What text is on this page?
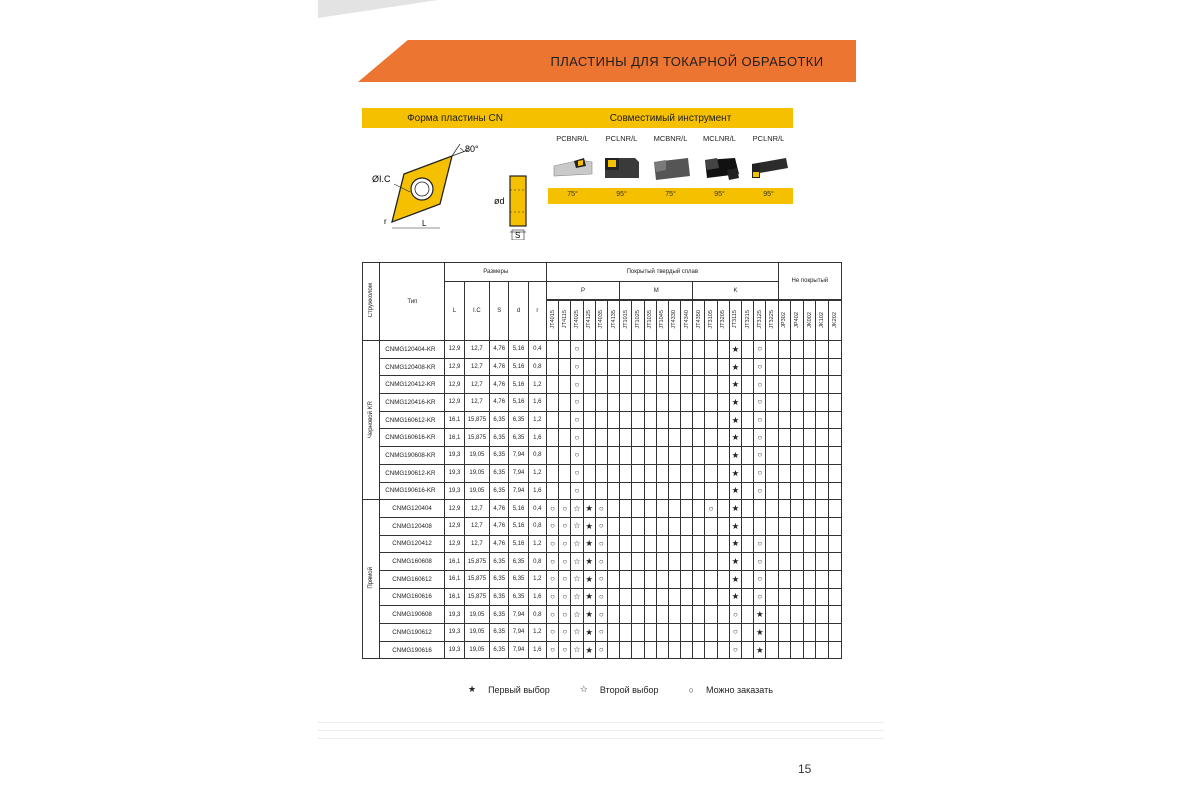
ПЛАСТИНЫ ДЛЯ ТОКАРНОЙ ОБРАБОТКИ
Форма пластины CN	Совместимый инструмент
80°
ØI.C
L
r
ød
S
PCBNR/L	PCLNR/L	MCBNR/L	MCLNR/L	PCLNR/L
75°	95°	75°	95°	95°
Стружколом	Тип	Размеры					Покрытый твердый сплав																			Не покрытый				
		L	I.C	S	d	r	P						M						K											

							JT4015	JT4115	JT4025	JT4125	JT4035	JT4135	JT1015	JT1025	JT1035	JT1045	JT4330	JT4340	JT4350	JT3105	JT3205	JT3115	JT3215	JT3125	JT3225	JP302	JP402	JK002	JK102	JK202
Черновой KR	CNMG120404-KR	12,9	12,7	4,76	5,16	0,4			○													★		○						
	CNMG120408-KR	12,9	12,7	4,76	5,16	0,8			○													★		○						
	CNMG120412-KR	12,9	12,7	4,76	5,16	1,2			○													★		○						
	CNMG120416-KR	12,9	12,7	4,76	5,16	1,6			○													★		○						
	CNMG160612-KR	16,1	15,875	6,35	6,35	1,2			○													★		○						
	CNMG160616-KR	16,1	15,875	6,35	6,35	1,6			○													★		○						
	CNMG190608-KR	19,3	19,05	6,35	7,94	0,8			○													★		○						
	CNMG190612-KR	19,3	19,05	6,35	7,94	1,2			○													★		○						
	CNMG190616-KR	19,3	19,05	6,35	7,94	1,6			○													★		○						
Прямой	CNMG120404	12,9	12,7	4,76	5,16	0,4	○	○	☆	★	○									○		★								
	CNMG120408	12,9	12,7	4,76	5,16	0,8	○	○	☆	★	○											★								
	CNMG120412	12,9	12,7	4,76	5,16	1,2	○	○	☆	★	○											★		○						
	CNMG160608	16,1	15,875	6,35	6,35	0,8	○	○	☆	★	○											★		○						
	CNMG160612	16,1	15,875	6,35	6,35	1,2	○	○	☆	★	○											★		○						
	CNMG160616	16,1	15,875	6,35	6,35	1,6	○	○	☆	★	○											★		○						
	CNMG190608	19,3	19,05	6,35	7,94	0,8	○	○	☆	★	○											○		★						
	CNMG190612	19,3	19,05	6,35	7,94	1,2	○	○	☆	★	○											○		★						
	CNMG190616	19,3	19,05	6,35	7,94	1,6	○	○	☆	★	○											○		★						
★ Первый выбор	☆ Второй выбор	○ Можно заказать
15
